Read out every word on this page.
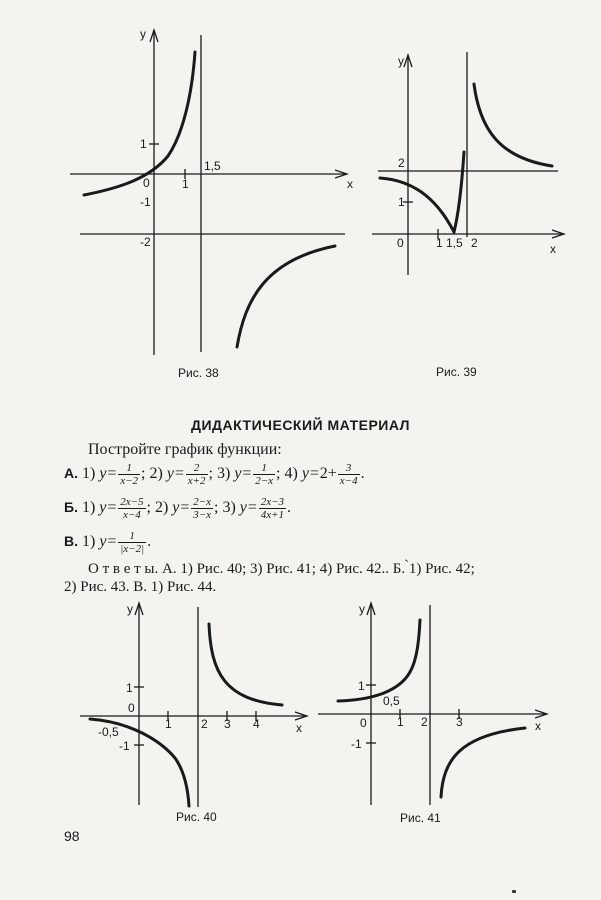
y
x
0	1
1,5
1
-1
-2
Рис. 38
y
x
0	1 1,5 2
2
1
Рис. 39
ДИДАКТИЧЕСКИЙ МАТЕРИАЛ
Постройте график функции:
А. 1) $y= \frac{1}{x-2}$ ; 2) $y= \frac{2}{x+2}$ ; 3) $y= \frac{1}{2-x}$ ; 4) $y=2+ \frac{3}{x-4}$ .
Б. 1) $y= \frac{2x-5}{x-4}$ ; 2) $y= \frac{2-x}{3-x}$ ; 3) $y= \frac{2x-3}{4x+1}$ .
В. 1) $y= \frac{1}{|x-2|}$ .
О т в е т ы. А. 1) Рис. 40; 3) Рис. 41; 4) Рис. 42.. Б. ̀1) Рис. 42;
2) Рис. 43. В. 1) Рис. 44.
y
x
0
1 2 3 4
1
-0,5
-1
Рис. 40
y
x
0	1 2 3
1
0,5
-1
Рис. 41
98
